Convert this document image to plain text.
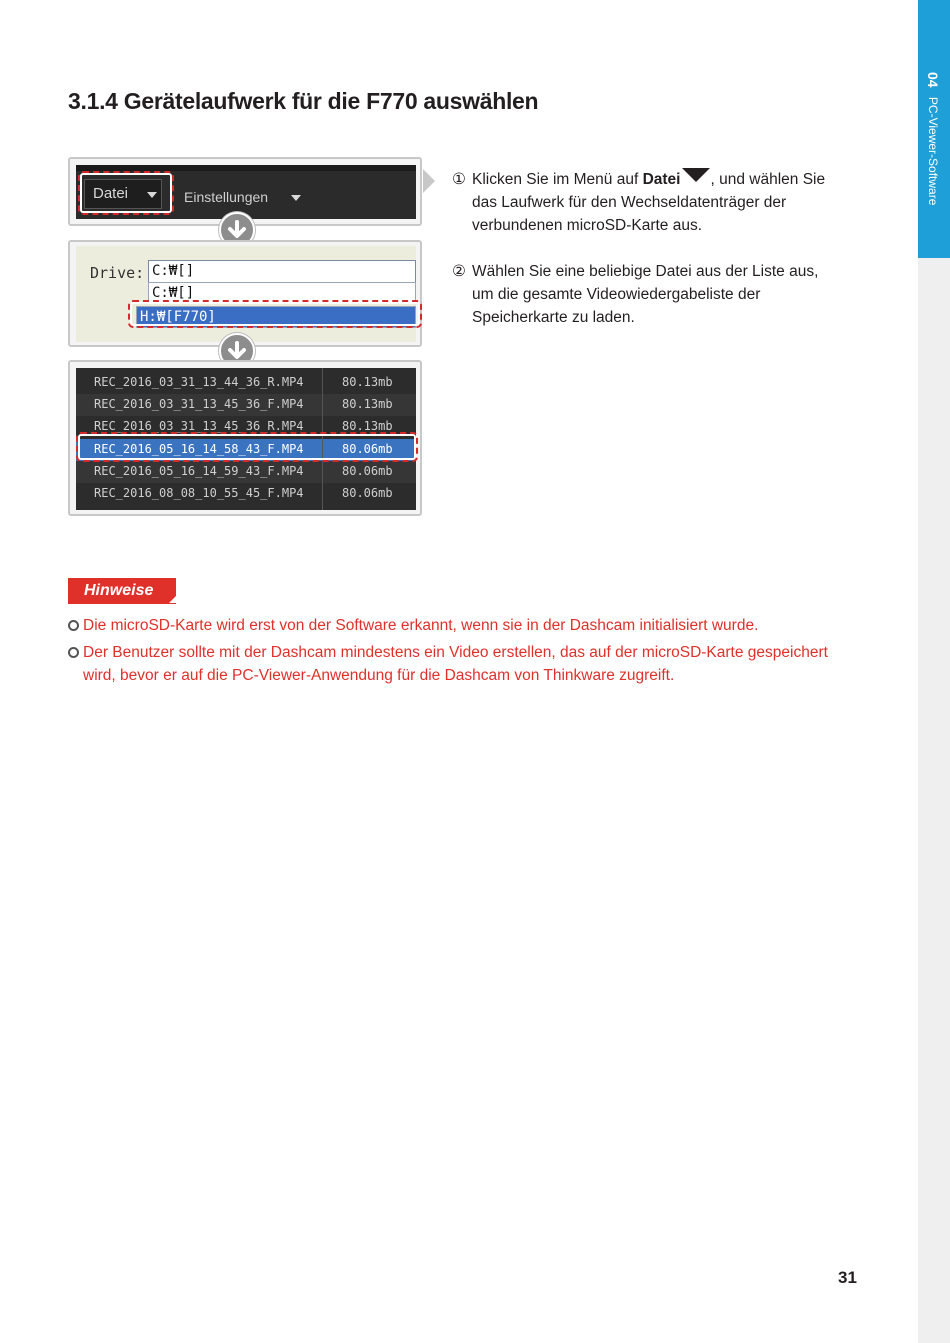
04 PC-Viewer-Software
3.1.4 Gerätelaufwerk für die F770 auswählen
Datei	Einstellungen
Drive: C:₩[]
C:₩[]
H:₩[F770]
REC_2016_03_31_13_44_36_R.MP4	80.13mb
REC_2016_03_31_13_45_36_F.MP4	80.13mb
REC_2016_03_31_13_45_36_R.MP4	80.13mb
REC_2016_05_16_14_58_43_F.MP4	80.06mb
REC_2016_05_16_14_59_43_F.MP4	80.06mb
REC_2016_08_08_10_55_45_F.MP4	80.06mb
① Klicken Sie im Menü auf Datei , und wählen Sie das Laufwerk für den Wechseldatenträger der verbundenen microSD-Karte aus.
② Wählen Sie eine beliebige Datei aus der Liste aus, um die gesamte Videowiedergabeliste der Speicherkarte zu laden.
Hinweise
Die microSD-Karte wird erst von der Software erkannt, wenn sie in der Dashcam initialisiert wurde.
Der Benutzer sollte mit der Dashcam mindestens ein Video erstellen, das auf der microSD-Karte gespeichert wird, bevor er auf die PC-Viewer-Anwendung für die Dashcam von Thinkware zugreift.
31
